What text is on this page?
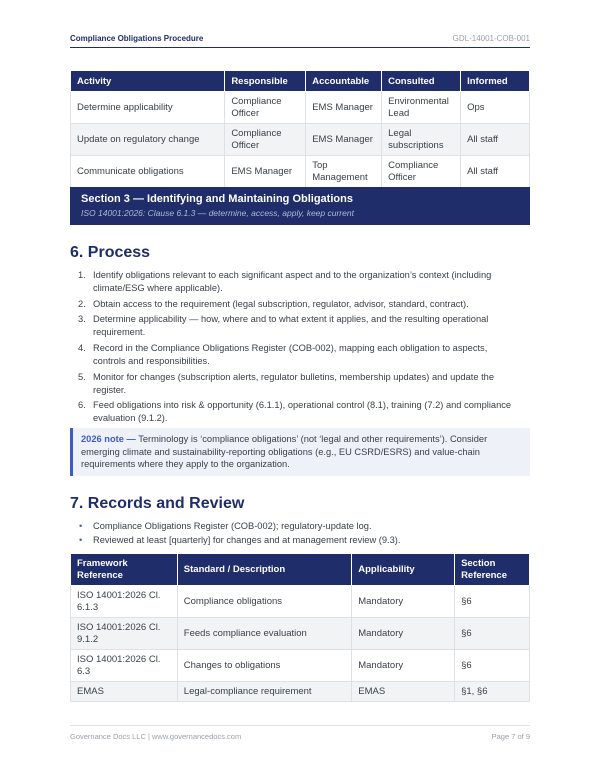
Compliance Obligations Procedure	GDL-14001-COB-001
Activity	Responsible	Accountable	Consulted	Informed
Determine applicability	Compliance Officer	EMS Manager	Environmental Lead	Ops
Update on regulatory change	Compliance Officer	EMS Manager	Legal subscriptions	All staff
Communicate obligations	EMS Manager	Top Management	Compliance Officer	All staff
Section 3 — Identifying and Maintaining Obligations
ISO 14001:2026: Clause 6.1.3 — determine, access, apply, keep current
6. Process
1. Identify obligations relevant to each significant aspect and to the organization’s context (including climate/ESG where applicable).
2. Obtain access to the requirement (legal subscription, regulator, advisor, standard, contract).
3. Determine applicability — how, where and to what extent it applies, and the resulting operational requirement.
4. Record in the Compliance Obligations Register (COB-002), mapping each obligation to aspects, controls and responsibilities.
5. Monitor for changes (subscription alerts, regulator bulletins, membership updates) and update the register.
6. Feed obligations into risk & opportunity (6.1.1), operational control (8.1), training (7.2) and compliance evaluation (9.1.2).
2026 note — Terminology is ‘compliance obligations’ (not ‘legal and other requirements’). Consider emerging climate and sustainability-reporting obligations (e.g., EU CSRD/ESRS) and value-chain requirements where they apply to the organization.
7. Records and Review
• Compliance Obligations Register (COB-002); regulatory-update log.
• Reviewed at least [quarterly] for changes and at management review (9.3).
Framework Reference	Standard / Description	Applicability	Section Reference
ISO 14001:2026 Cl. 6.1.3	Compliance obligations	Mandatory	§6
ISO 14001:2026 Cl. 9.1.2	Feeds compliance evaluation	Mandatory	§6
ISO 14001:2026 Cl. 6.3	Changes to obligations	Mandatory	§6
EMAS	Legal-compliance requirement	EMAS	§1, §6
Governance Docs LLC | www.governancedocs.com	Page 7 of 9
